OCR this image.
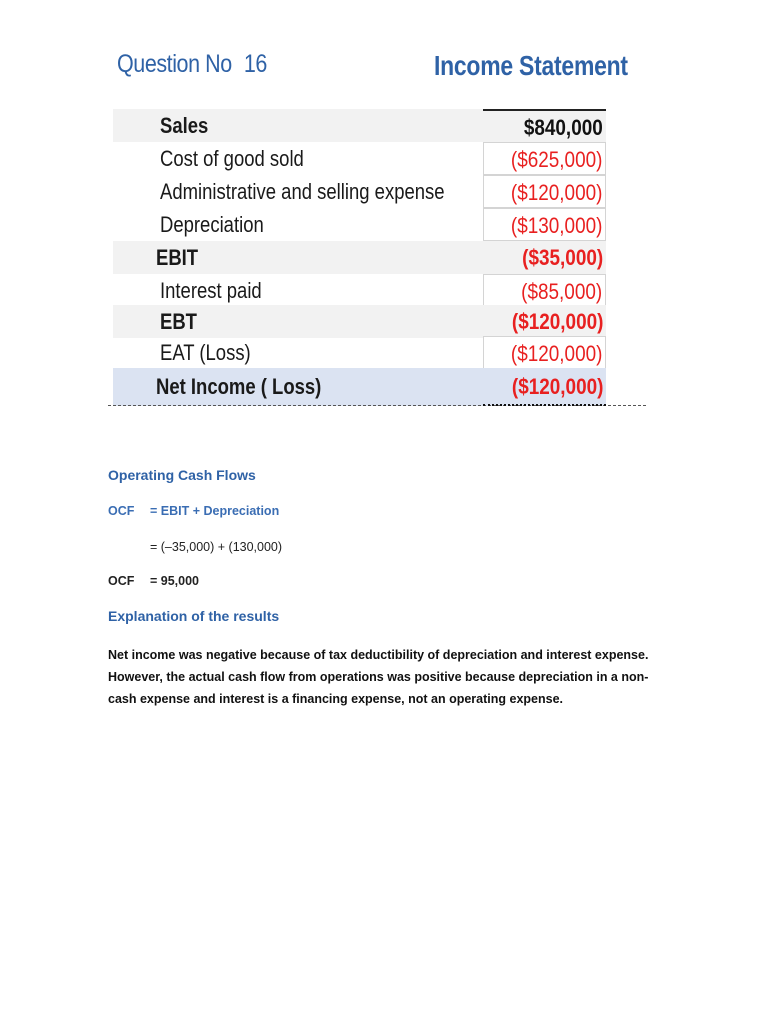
Question No 16	Income Statement
Sales	$840,000
Cost of good sold	($625,000)
Administrative and selling expense	($120,000)
Depreciation	($130,000)
EBIT	($35,000)
Interest paid	($85,000)
EBT	($120,000)
EAT (Loss)	($120,000)
Net Income ( Loss)	($120,000)
Operating Cash Flows
OCF = EBIT + Depreciation
= (–35,000) + (130,000)
OCF = 95,000
Explanation of the results
Net income was negative because of tax deductibility of depreciation and interest expense.
However, the actual cash flow from operations was positive because depreciation in a non-
cash expense and interest is a financing expense, not an operating expense.
